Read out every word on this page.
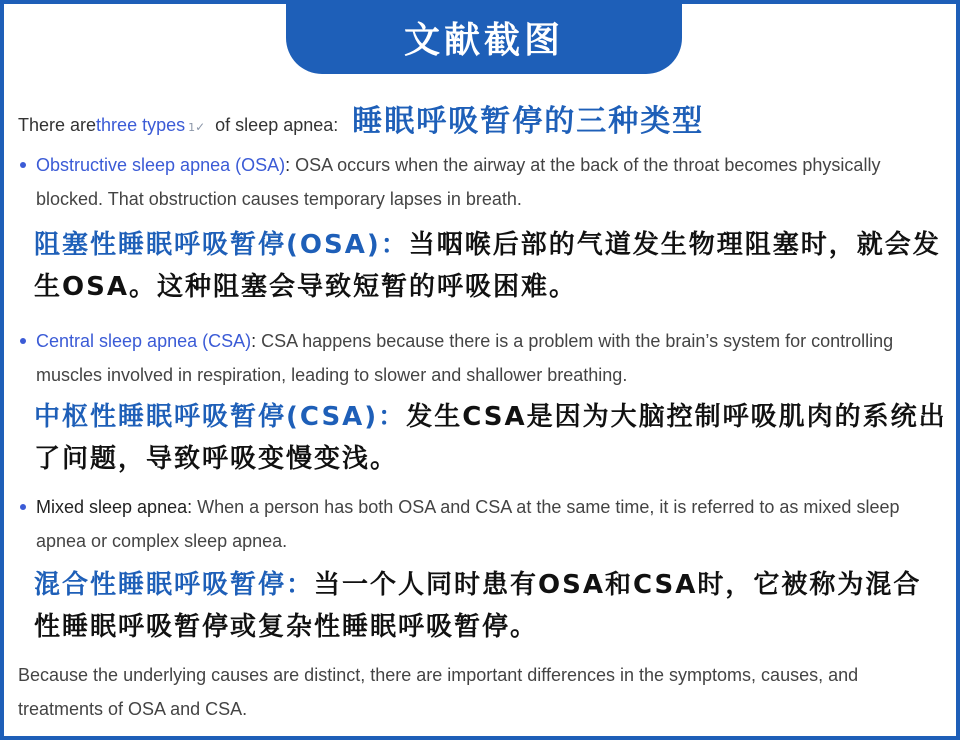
文献截图
There are three types 1 ✓ of sleep apnea: 睡眠呼吸暂停的三种类型
Obstructive sleep apnea (OSA): OSA occurs when the airway at the back of the throat becomes physically blocked. That obstruction causes temporary lapses in breath.
阻塞性睡眠呼吸暂停(OSA)：当咽喉后部的气道发生物理阻塞时，就会发生OSA。这种阻塞会导致短暂的呼吸困难。
Central sleep apnea (CSA): CSA happens because there is a problem with the brain’s system for controlling muscles involved in respiration, leading to slower and shallower breathing.
中枢性睡眠呼吸暂停(CSA)：发生CSA是因为大脑控制呼吸肌肉的系统出了问题，导致呼吸变慢变浅。
Mixed sleep apnea: When a person has both OSA and CSA at the same time, it is referred to as mixed sleep apnea or complex sleep apnea.
混合性睡眠呼吸暂停：当一个人同时患有OSA和CSA时，它被称为混合性睡眠呼吸暂停或复杂性睡眠呼吸暂停。
Because the underlying causes are distinct, there are important differences in the symptoms, causes, and treatments of OSA and CSA.
